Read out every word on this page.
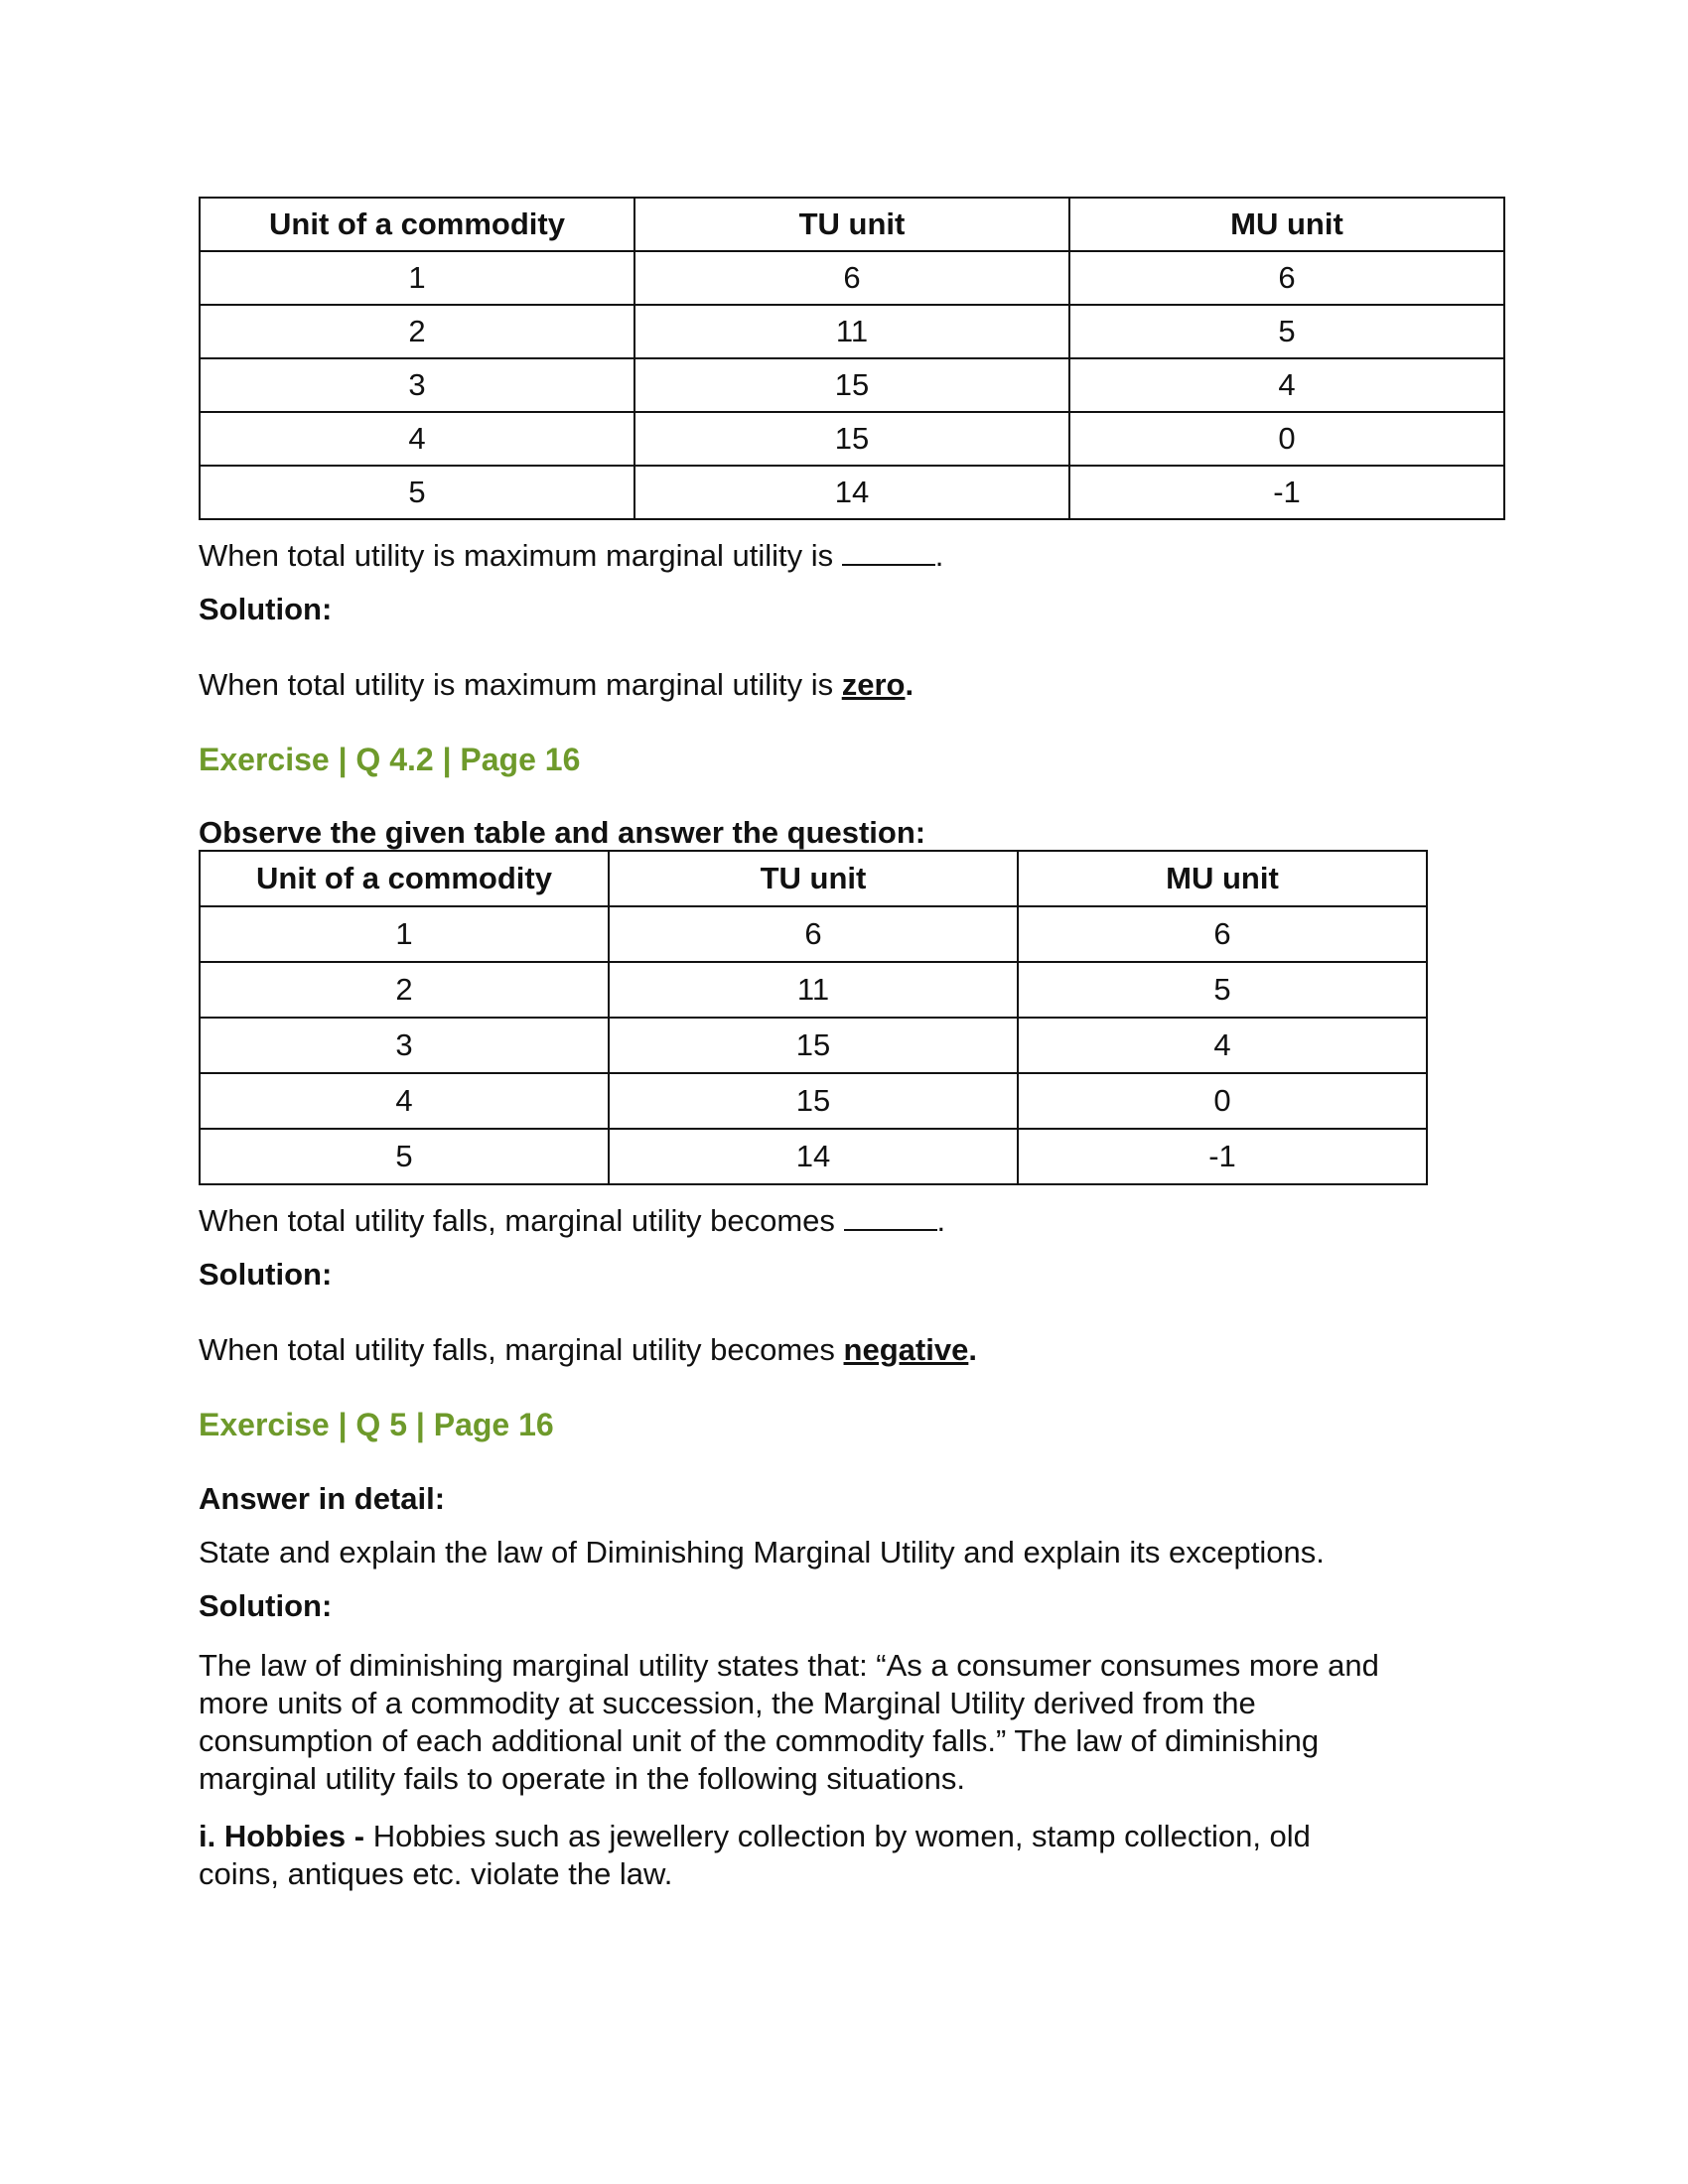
Unit of a commodity	TU unit	MU unit
1	6	6
2	11	5
3	15	4
4	15	0
5	14	-1

When total utility is maximum marginal utility is	.

Solution:

When total utility is maximum marginal utility is zero.

Exercise | Q 4.2 | Page 16

Observe the given table and answer the question:

Unit of a commodity	TU unit	MU unit
1	6	6
2	11	5
3	15	4
4	15	0
5	14	-1

When total utility falls, marginal utility becomes	.

Solution:

When total utility falls, marginal utility becomes negative.

Exercise | Q 5 | Page 16

Answer in detail:

State and explain the law of Diminishing Marginal Utility and explain its exceptions.

Solution:

The law of diminishing marginal utility states that: “As a consumer consumes more and

more units of a commodity at succession, the Marginal Utility derived from the

consumption of each additional unit of the commodity falls.” The law of diminishing

marginal utility fails to operate in the following situations.

i. Hobbies - Hobbies such as jewellery collection by women, stamp collection, old

coins, antiques etc. violate the law.
